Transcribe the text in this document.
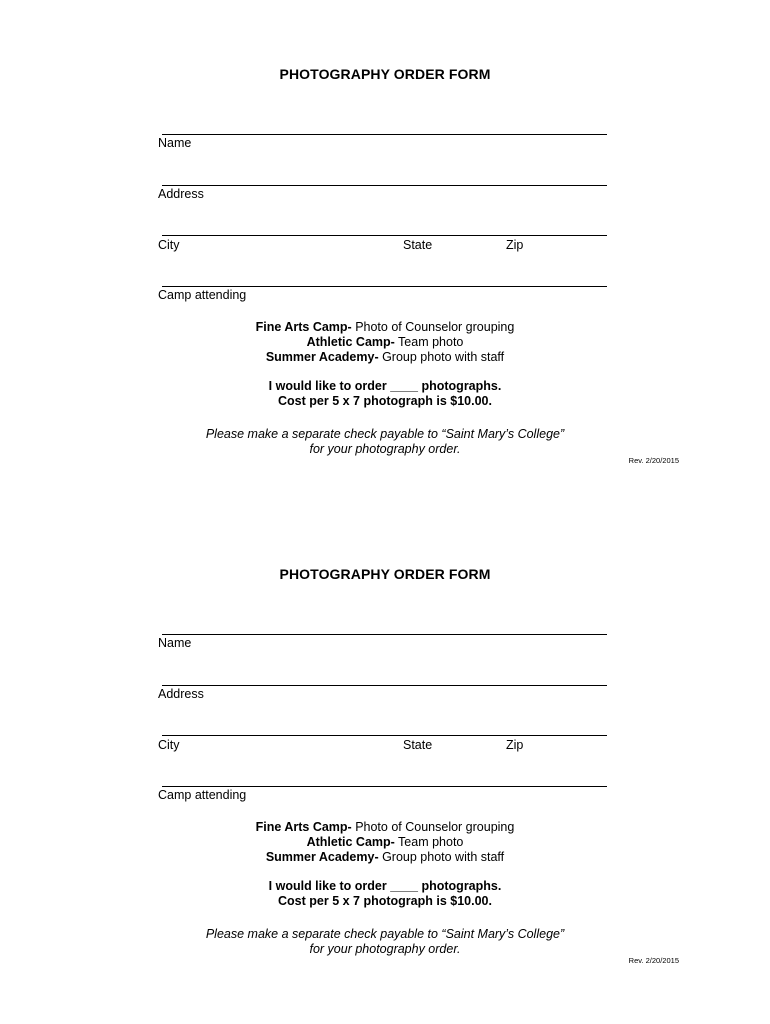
PHOTOGRAPHY ORDER FORM
Name
Address
City	State	Zip
Camp attending
Fine Arts Camp- Photo of Counselor grouping
Athletic Camp- Team photo
Summer Academy- Group photo with staff
I would like to order ____ photographs.
Cost per 5 x 7 photograph is $10.00.
Please make a separate check payable to “Saint Mary’s College”
for your photography order.
Rev. 2/20/2015
PHOTOGRAPHY ORDER FORM
Name
Address
City	State	Zip
Camp attending
Fine Arts Camp- Photo of Counselor grouping
Athletic Camp- Team photo
Summer Academy- Group photo with staff
I would like to order ____ photographs.
Cost per 5 x 7 photograph is $10.00.
Please make a separate check payable to “Saint Mary’s College”
for your photography order.
Rev. 2/20/2015
